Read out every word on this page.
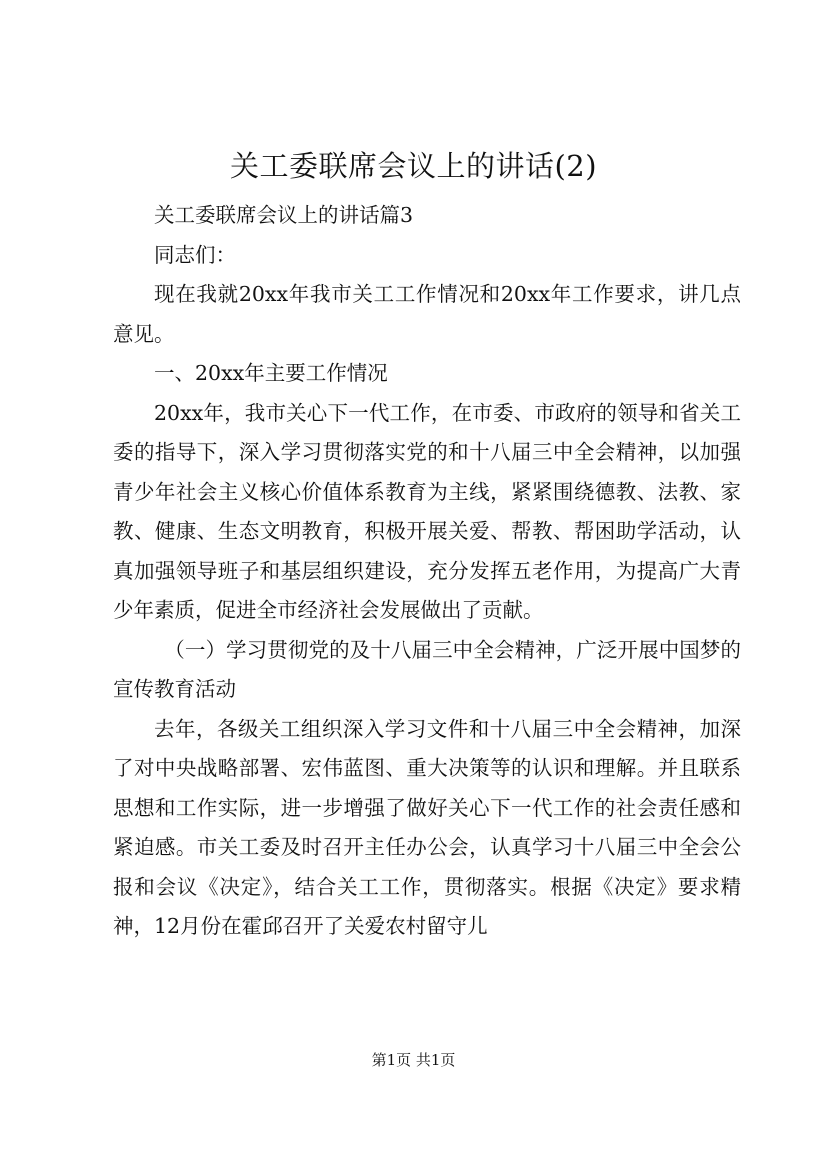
关工委联席会议上的讲话(2)

关工委联席会议上的讲话篇3

同志们：

现在我就20xx年我市关工工作情况和20xx年工作要求，讲几点意见。

一、20xx年主要工作情况

20xx年，我市关心下一代工作，在市委、市政府的领导和省关工委的指导下，深入学习贯彻落实党的和十八届三中全会精神，以加强青少年社会主义核心价值体系教育为主线，紧紧围绕德教、法教、家教、健康、生态文明教育，积极开展关爱、帮教、帮困助学活动，认真加强领导班子和基层组织建设，充分发挥五老作用，为提高广大青少年素质，促进全市经济社会发展做出了贡献。

（一）学习贯彻党的及十八届三中全会精神，广泛开展中国梦的宣传教育活动

去年，各级关工组织深入学习文件和十八届三中全会精神，加深了对中央战略部署、宏伟蓝图、重大决策等的认识和理解。并且联系思想和工作实际，进一步增强了做好关心下一代工作的社会责任感和紧迫感。市关工委及时召开主任办公会，认真学习十八届三中全会公报和会议《决定》，结合关工工作，贯彻落实。根据《决定》要求精神，12月份在霍邱召开了关爱农村留守儿

第1页 共1页
